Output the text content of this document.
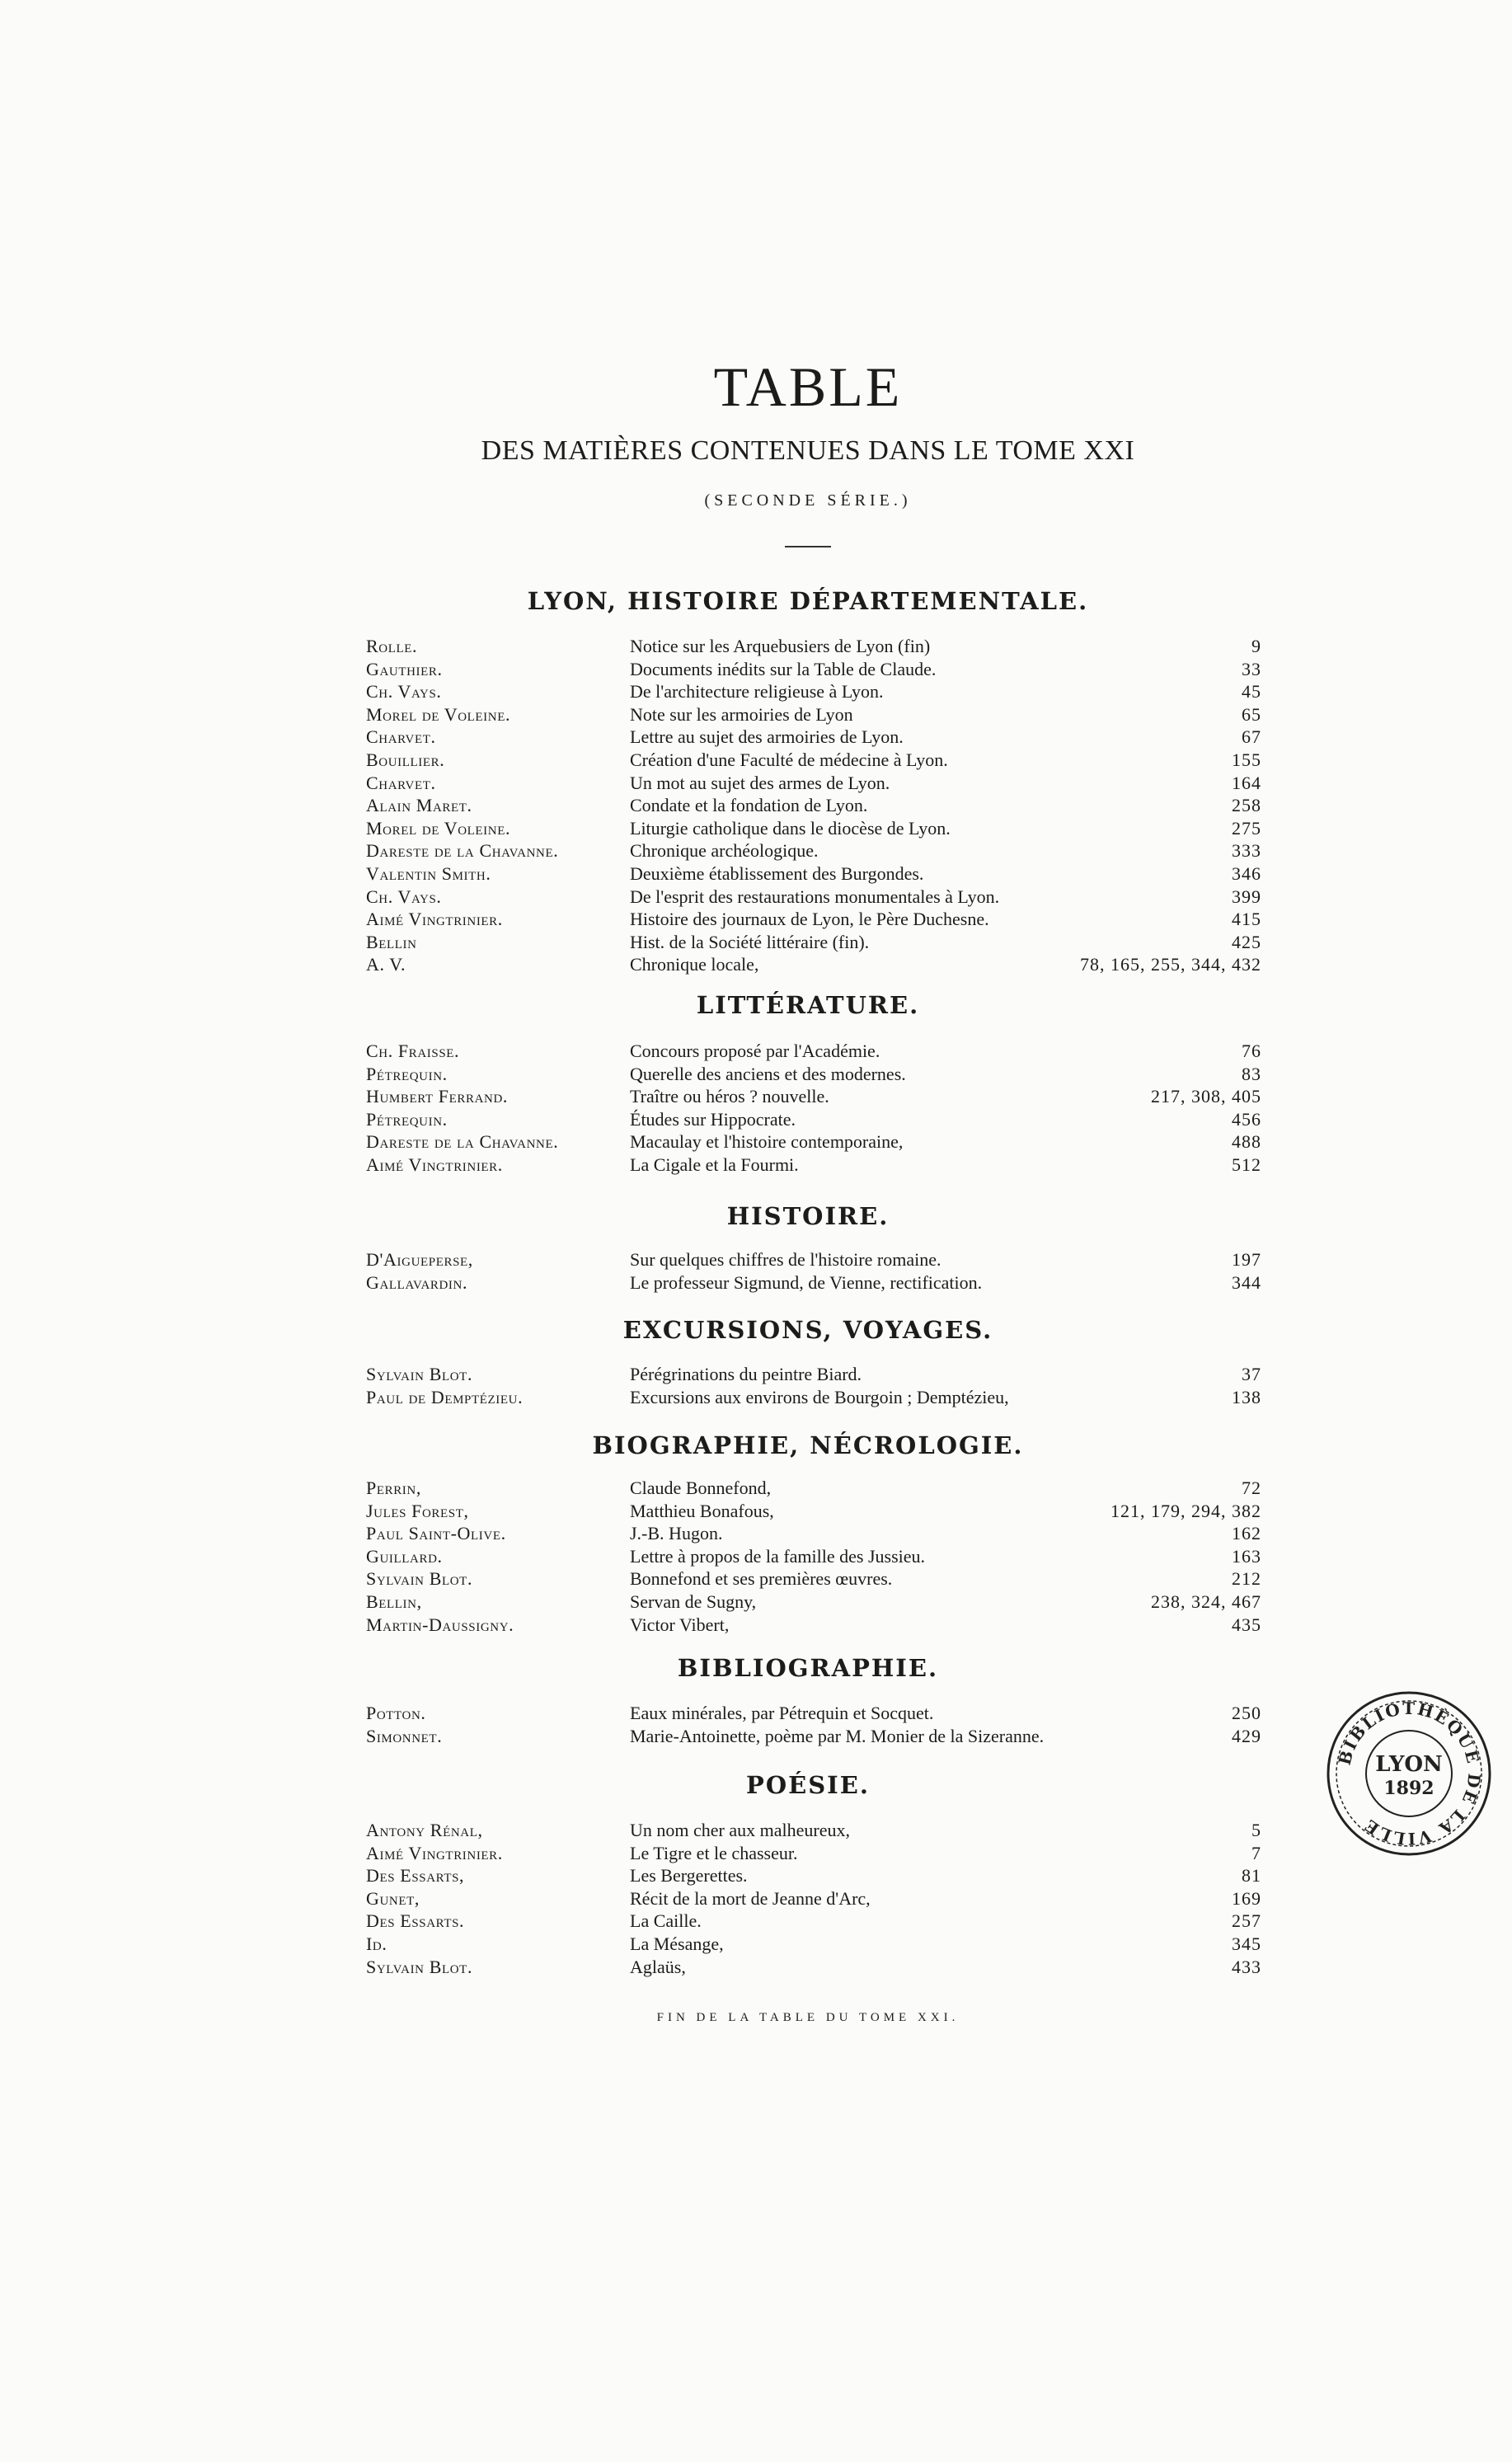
TABLE
DES MATIÈRES CONTENUES DANS LE TOME XXI
(SECONDE SÉRIE.)
LYON, HISTOIRE DÉPARTEMENTALE.
Rolle.	Notice sur les Arquebusiers de Lyon (fin)	9
Gauthier.	Documents inédits sur la Table de Claude.	33
Ch. Vays.	De l'architecture religieuse à Lyon.	45
Morel de Voleine.	Note sur les armoiries de Lyon	65
Charvet.	Lettre au sujet des armoiries de Lyon.	67
Bouillier.	Création d'une Faculté de médecine à Lyon.	155
Charvet.	Un mot au sujet des armes de Lyon.	164
Alain Maret.	Condate et la fondation de Lyon.	258
Morel de Voleine.	Liturgie catholique dans le diocèse de Lyon.	275
Dareste de la Chavanne.	Chronique archéologique.	333
Valentin Smith.	Deuxième établissement des Burgondes.	346
Ch. Vays.	De l'esprit des restaurations monumentales à Lyon.	399
Aimé Vingtrinier.	Histoire des journaux de Lyon, le Père Duchesne.	415
Bellin	Hist. de la Société littéraire (fin).	425
A. V.	Chronique locale,	78, 165, 255, 344, 432
LITTÉRATURE.
Ch. Fraisse.	Concours proposé par l'Académie.	76
Pétrequin.	Querelle des anciens et des modernes.	83
Humbert Ferrand.	Traître ou héros ? nouvelle.	217, 308, 405
Pétrequin.	Études sur Hippocrate.	456
Dareste de la Chavanne.	Macaulay et l'histoire contemporaine,	488
Aimé Vingtrinier.	La Cigale et la Fourmi.	512
HISTOIRE.
D'Aigueperse,	Sur quelques chiffres de l'histoire romaine.	197
Gallavardin.	Le professeur Sigmund, de Vienne, rectification.	344
EXCURSIONS, VOYAGES.
Sylvain Blot.	Pérégrinations du peintre Biard.	37
Paul de Demptézieu.	Excursions aux environs de Bourgoin ; Demptézieu,	138
BIOGRAPHIE, NÉCROLOGIE.
Perrin,	Claude Bonnefond,	72
Jules Forest,	Matthieu Bonafous,	121, 179, 294, 382
Paul Saint-Olive.	J.-B. Hugon.	162
Guillard.	Lettre à propos de la famille des Jussieu.	163
Sylvain Blot.	Bonnefond et ses premières œuvres.	212
Bellin,	Servan de Sugny,	238, 324, 467
Martin-Daussigny.	Victor Vibert,	435
BIBLIOGRAPHIE.
Potton.	Eaux minérales, par Pétrequin et Socquet.	250
Simonnet.	Marie-Antoinette, poème par M. Monier de la Sizeranne.	429
POÉSIE.
Antony Rénal,	Un nom cher aux malheureux,	5
Aimé Vingtrinier.	Le Tigre et le chasseur.	7
Des Essarts,	Les Bergerettes.	81
Gunet,	Récit de la mort de Jeanne d'Arc,	169
Des Essarts.	La Caille.	257
Id.	La Mésange,	345
Sylvain Blot.	Aglaüs,	433
FIN DE LA TABLE DU TOME XXI.
BIBLIOTHÈQUE DE LA VILLE
LYON
1892
